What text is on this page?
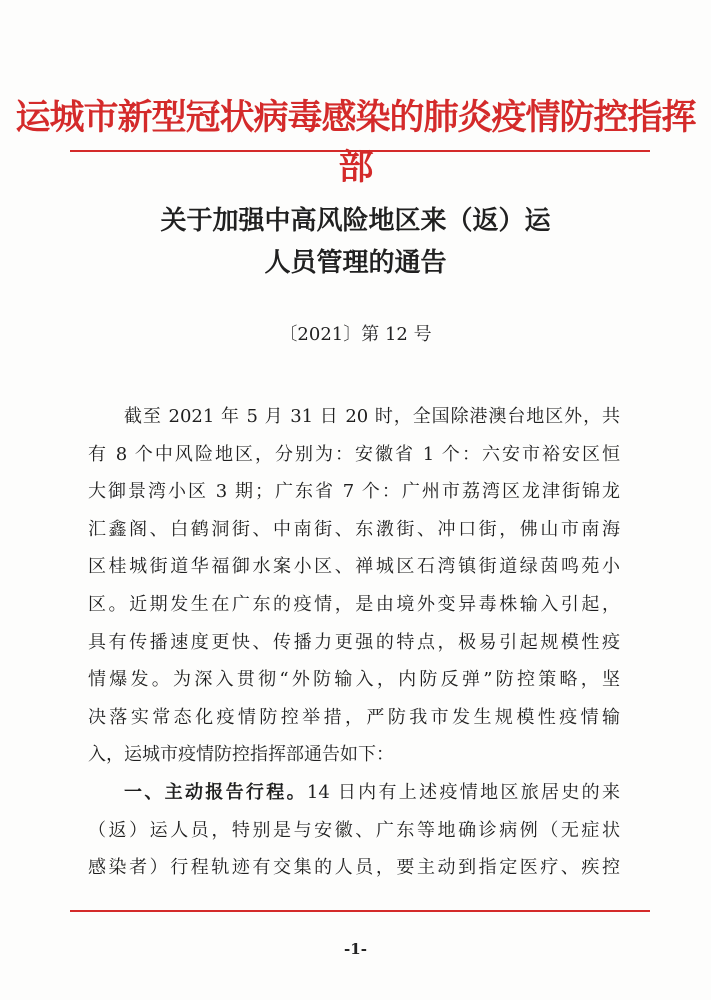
运城市新型冠状病毒感染的肺炎疫情防控指挥部
关于加强中高风险地区来（返）运
人员管理的通告
〔2021〕第 12 号
截至 2021 年 5 月 31 日 20 时，全国除港澳台地区外，共
有 8 个中风险地区，分别为：安徽省 1 个：六安市裕安区恒
大御景湾小区 3 期；广东省 7 个：广州市荔湾区龙津街锦龙
汇鑫阁、白鹤洞街、中南街、东漖街、冲口街，佛山市南海
区桂城街道华福御水案小区、禅城区石湾镇街道绿茵鸣苑小
区。近期发生在广东的疫情，是由境外变异毒株输入引起，
具有传播速度更快、传播力更强的特点，极易引起规模性疫
情爆发。为深入贯彻“外防输入，内防反弹”防控策略，坚
决落实常态化疫情防控举措，严防我市发生规模性疫情输
入，运城市疫情防控指挥部通告如下：
一、主动报告行程。14 日内有上述疫情地区旅居史的来
（返）运人员，特别是与安徽、广东等地确诊病例（无症状
感染者）行程轨迹有交集的人员，要主动到指定医疗、疾控
-1-
